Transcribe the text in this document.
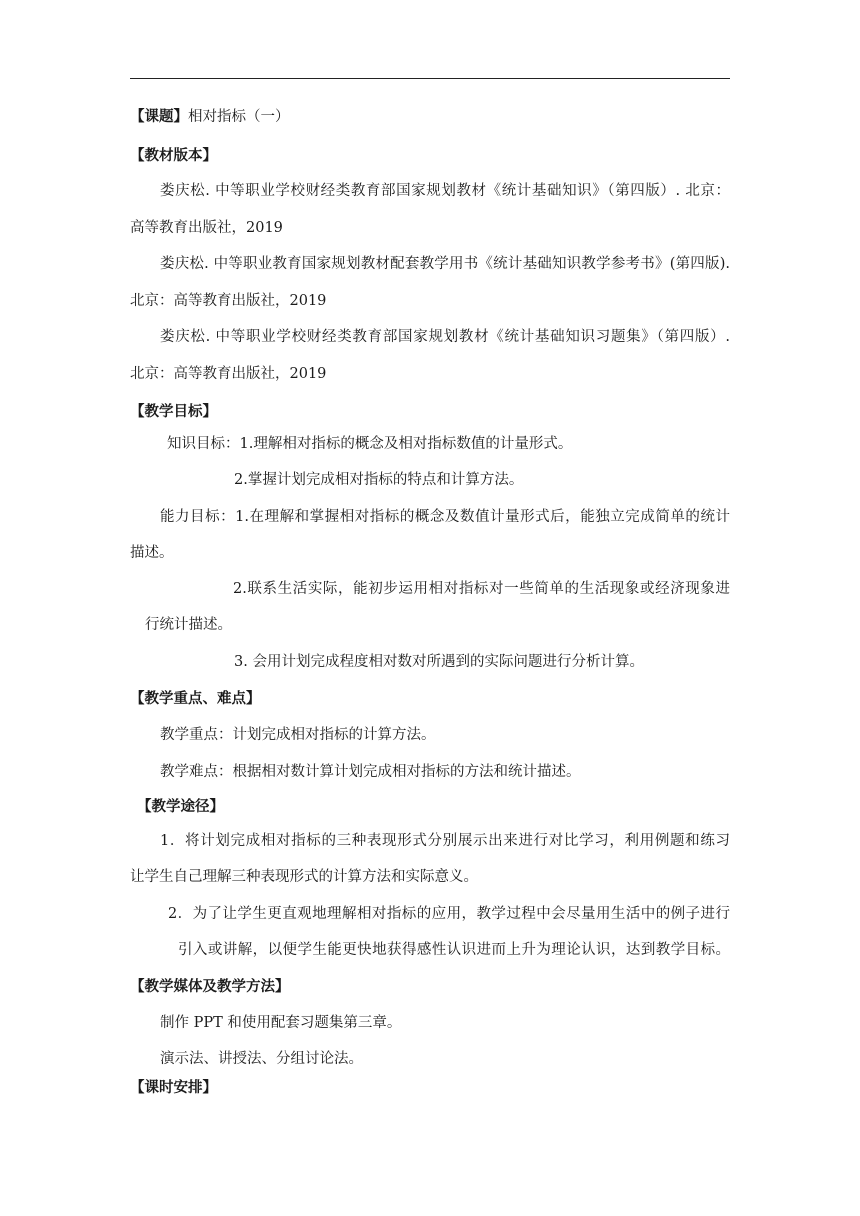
【课题】相对指标（一）
【教材版本】
娄庆松. 中等职业学校财经类教育部国家规划教材《统计基础知识》（第四版）. 北京：
高等教育出版社，2019
娄庆松. 中等职业教育国家规划教材配套教学用书《统计基础知识教学参考书》(第四版).
北京：高等教育出版社，2019
娄庆松. 中等职业学校财经类教育部国家规划教材《统计基础知识习题集》（第四版）.
北京：高等教育出版社，2019
【教学目标】
知识目标：1.理解相对指标的概念及相对指标数值的计量形式。
2.掌握计划完成相对指标的特点和计算方法。
能力目标：1.在理解和掌握相对指标的概念及数值计量形式后，能独立完成简单的统计
描述。
2.联系生活实际，能初步运用相对指标对一些简单的生活现象或经济现象进
行统计描述。
3. 会用计划完成程度相对数对所遇到的实际问题进行分析计算。
【教学重点、难点】
教学重点：计划完成相对指标的计算方法。
教学难点：根据相对数计算计划完成相对指标的方法和统计描述。
【教学途径】
1．将计划完成相对指标的三种表现形式分别展示出来进行对比学习，利用例题和练习
让学生自己理解三种表现形式的计算方法和实际意义。
2．为了让学生更直观地理解相对指标的应用，教学过程中会尽量用生活中的例子进行
引入或讲解，以便学生能更快地获得感性认识进而上升为理论认识，达到教学目标。
【教学媒体及教学方法】
制作 PPT 和使用配套习题集第三章。
演示法、讲授法、分组讨论法。
【课时安排】
